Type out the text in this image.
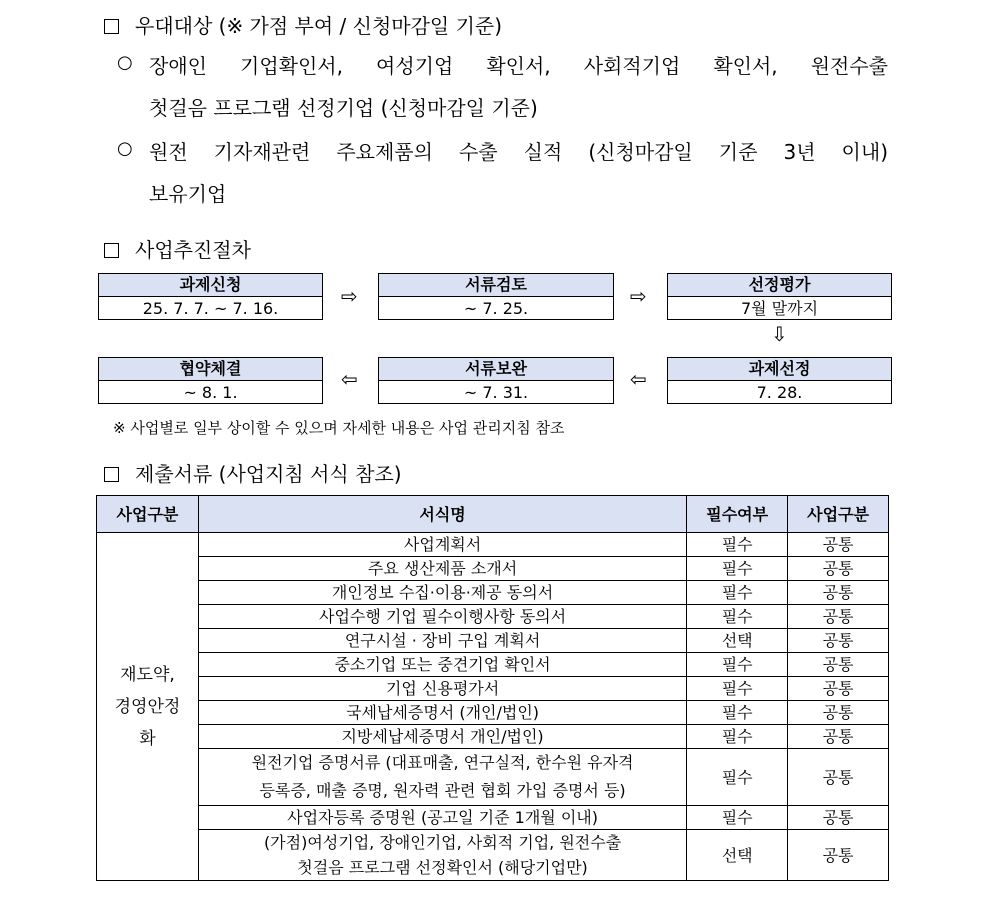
우대대상 (※ 가점 부여 / 신청마감일 기준)
○ 장애인 기업확인서, 여성기업 확인서, 사회적기업 확인서, 원전수출
첫걸음 프로그램 선정기업 (신청마감일 기준)
○ 원전 기자재관련 주요제품의 수출 실적 (신청마감일 기준 3년 이내)
보유기업
사업추진절차
과제신청
25. 7. 7. ~ 7. 16.
⇨	서류검토
~ 7. 25.
⇨	선정평가
7월 말까지
⇩
협약체결
~ 8. 1.
⇦	서류보완
~ 7. 31.
⇦	과제선정
7. 28.
※ 사업별로 일부 상이할 수 있으며 자세한 내용은 사업 관리지침 참조
제출서류 (사업지침 서식 참조)
사업구분	서식명	필수여부	사업구분

재도약,
경영안정
화	사업계획서	필수	공통
	주요 생산제품 소개서	필수	공통
	개인정보 수집·이용·제공 동의서	필수	공통
	사업수행 기업 필수이행사항 동의서	필수	공통
	연구시설 · 장비 구입 계획서	선택	공통
	중소기업 또는 중견기업 확인서	필수	공통
	기업 신용평가서	필수	공통
	국세납세증명서 (개인/법인)	필수	공통
	지방세납세증명서 개인/법인)	필수	공통

	원전기업 증명서류 (대표매출, 연구실적, 한수원 유자격
등록증, 매출 증명, 원자력 관련 협회 가입 증명서 등)	필수	공통
	사업자등록 증명원 (공고일 기준 1개월 이내)	필수	공통

	(가점)여성기업, 장애인기업, 사회적 기업, 원전수출
첫걸음 프로그램 선정확인서 (해당기업만)	선택	공통
